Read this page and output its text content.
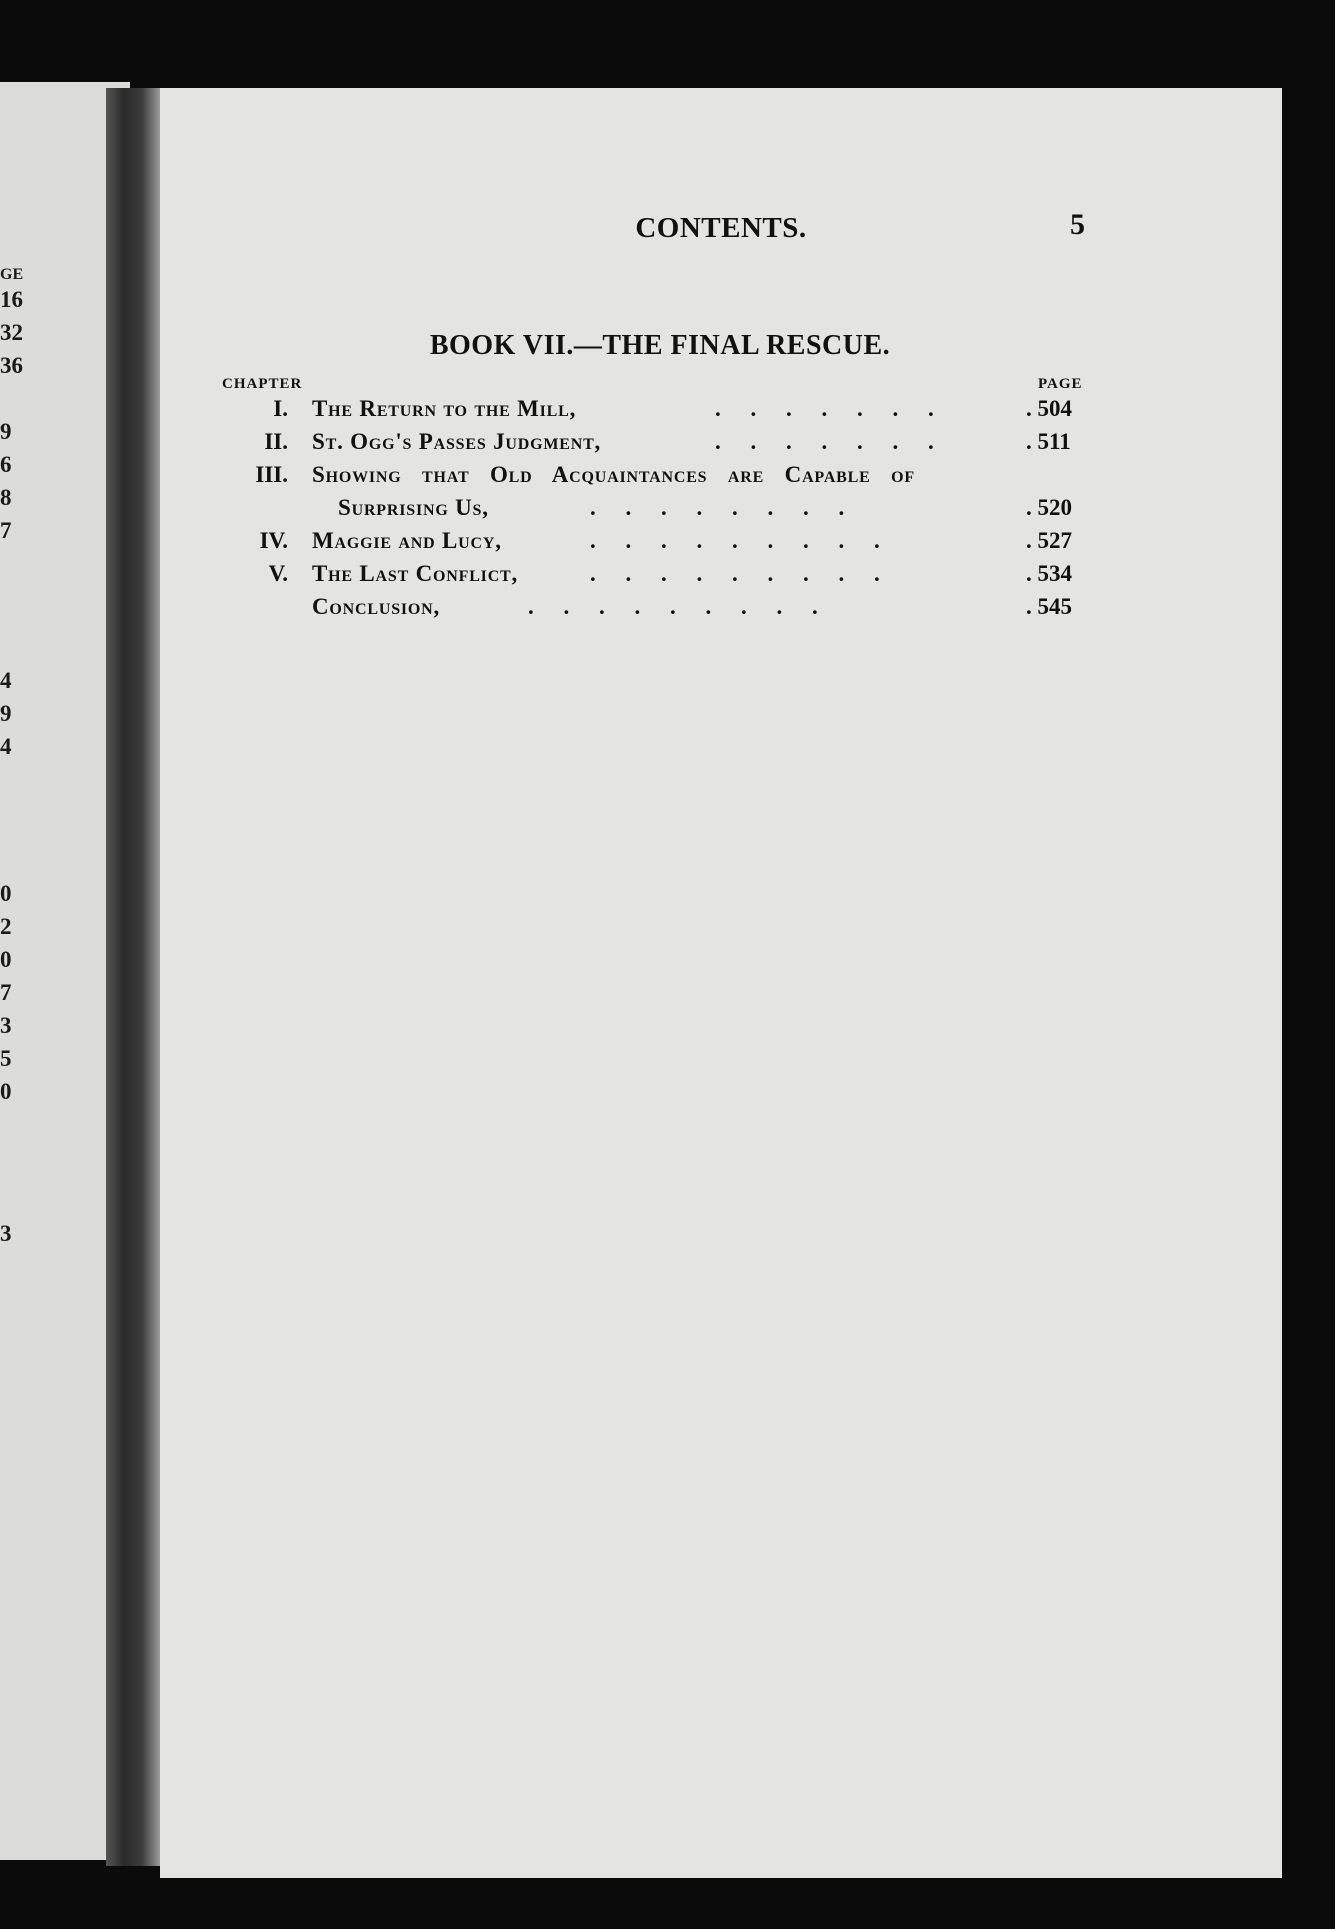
GE
16
32
36
9
6
8
7
4
9
4
0
2
0
7
3
5
0
3
CONTENTS.	5
BOOK VII.—THE FINAL RESCUE.
CHAPTER	PAGE
I. The Return to the Mill,	. . . . . . .	. 504
II. St. Ogg's Passes Judgment,	. . . . . . .	. 511
III. Showing that Old Acquaintances are Capable of
Surprising Us,	. . . . . . . .	. 520
IV. Maggie and Lucy,	. . . . . . . . .	. 527
V. The Last Conflict,	. . . . . . . . .	. 534
Conclusion,	. . . . . . . . .	. 545
